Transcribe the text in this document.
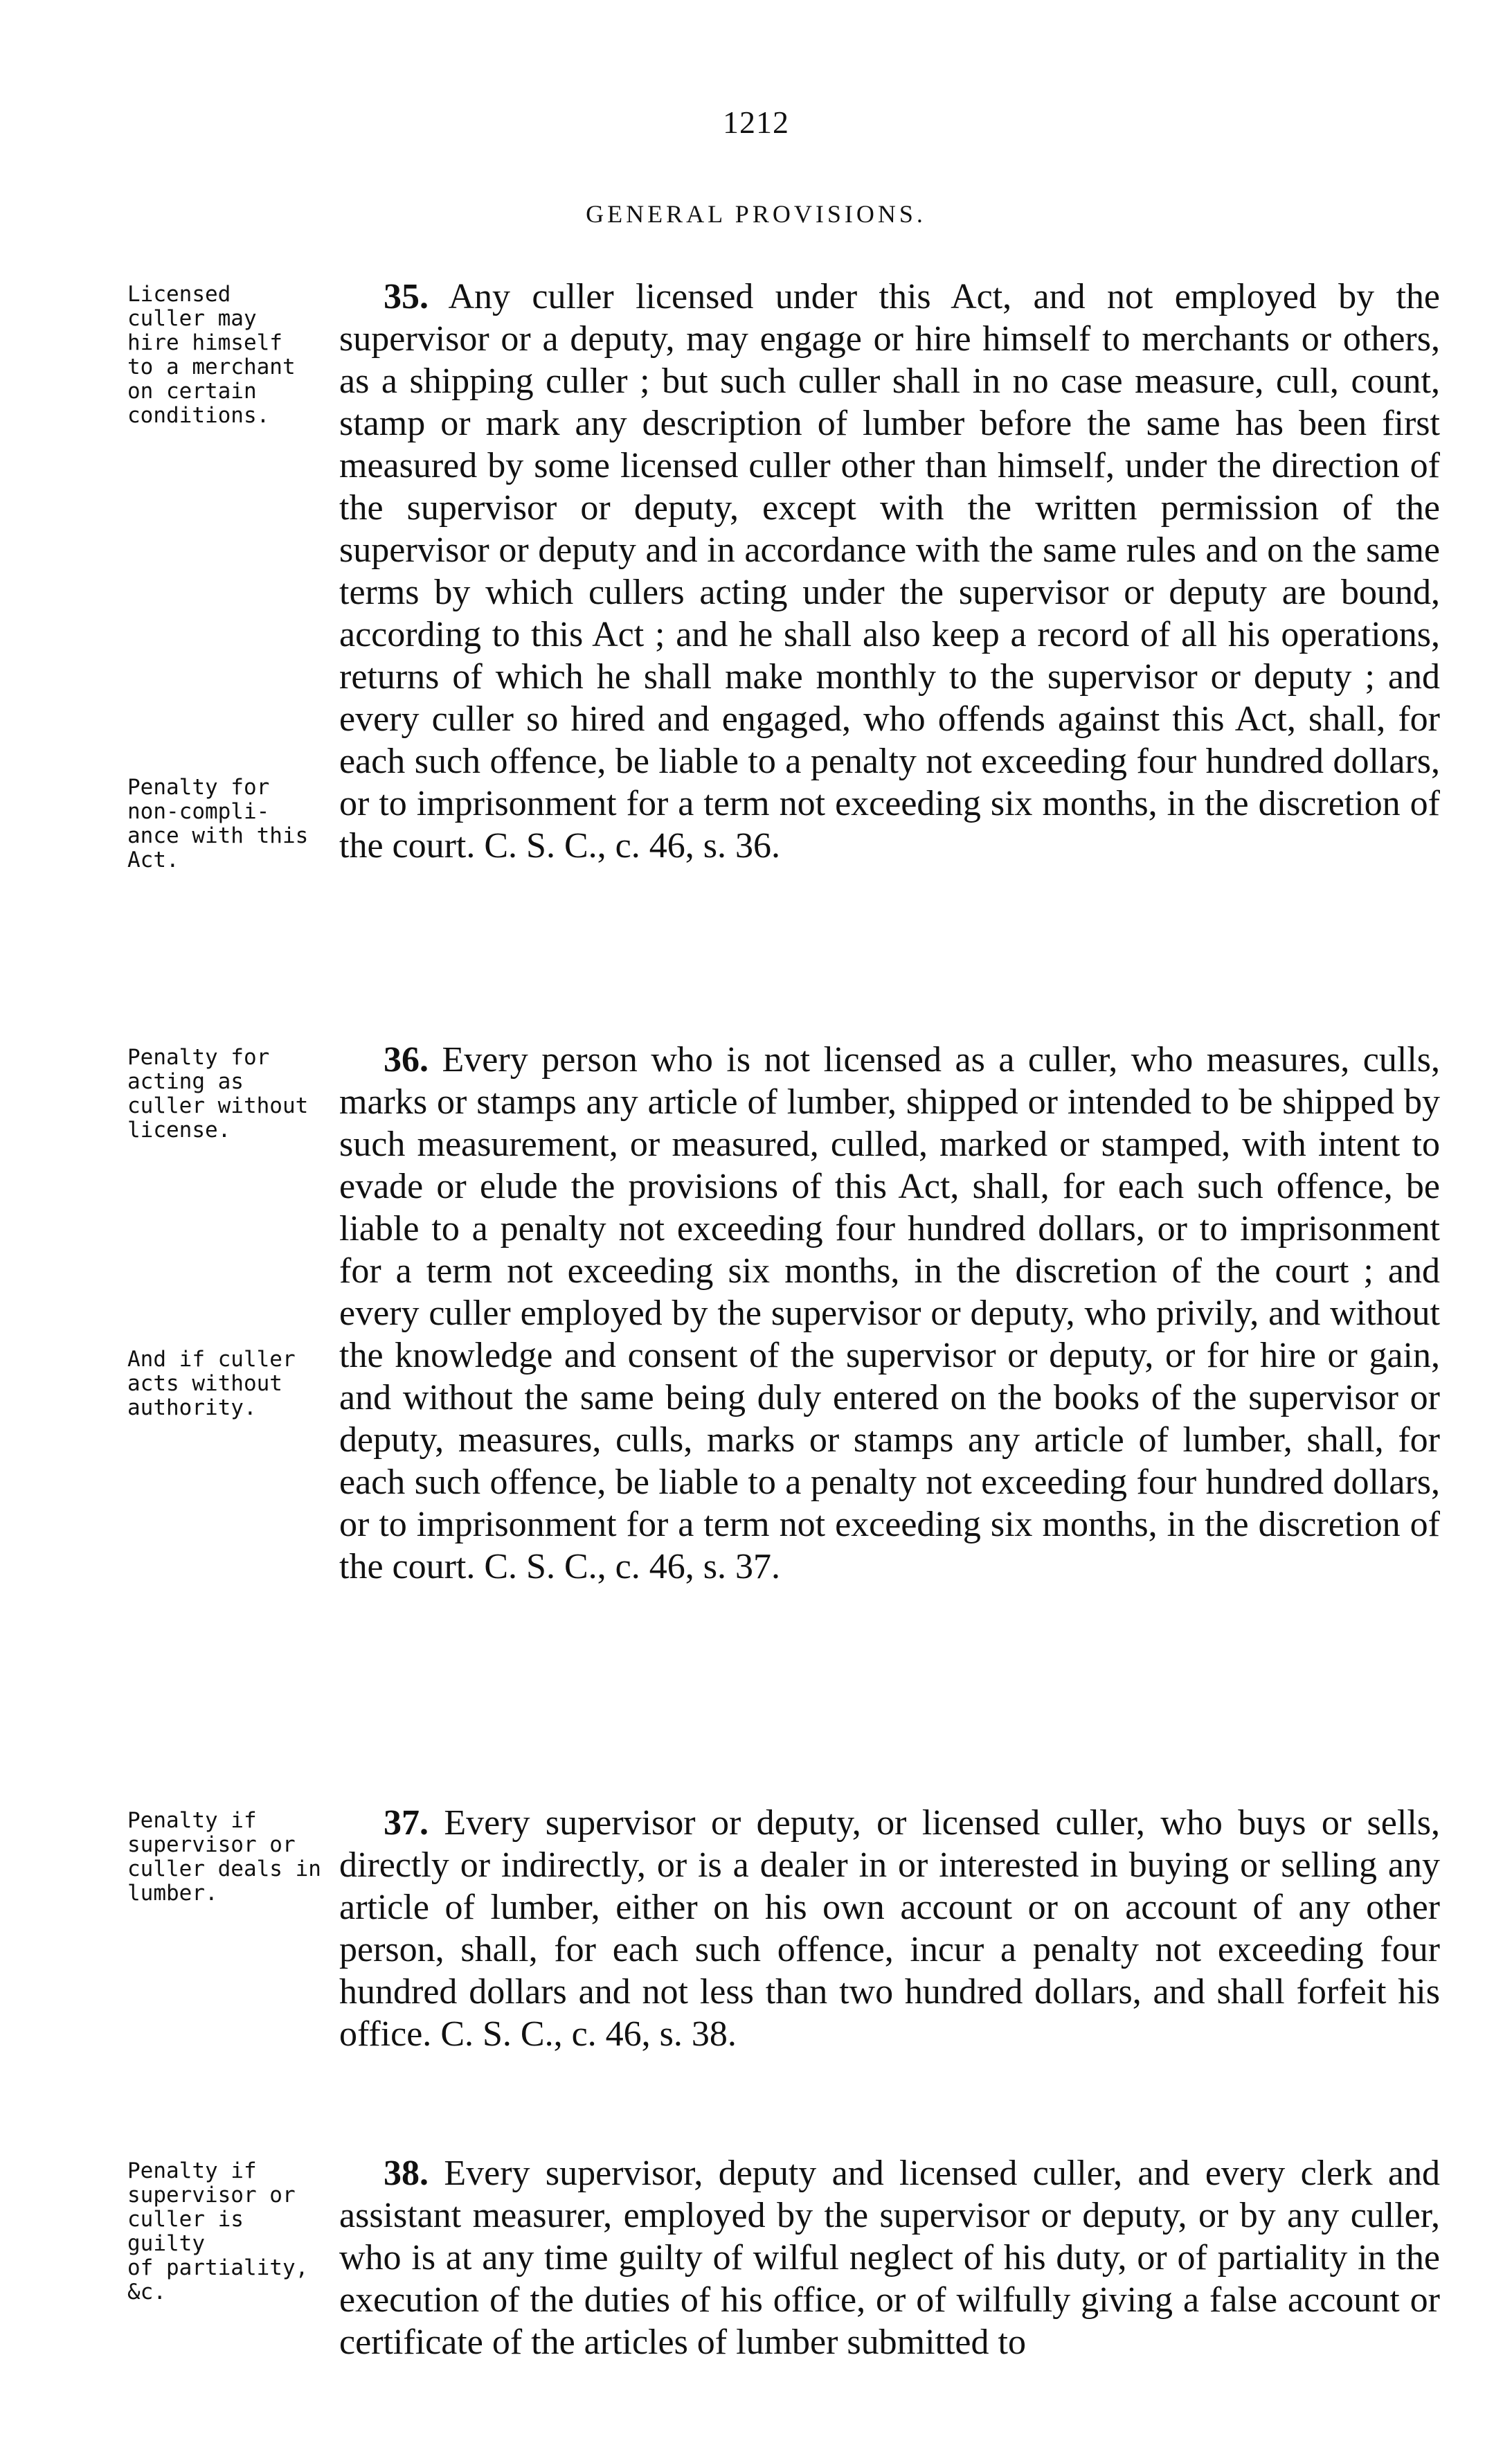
1212
GENERAL PROVISIONS.
Licensed
culler may
hire himself
to a merchant
on certain
conditions.
Penalty for
non-compli-
ance with this
Act.
35. Any culler licensed under this Act, and not employed by the supervisor or a deputy, may engage or hire himself to merchants or others, as a shipping culler ; but such culler shall in no case measure, cull, count, stamp or mark any description of lumber before the same has been first measured by some licensed culler other than himself, under the direction of the supervisor or deputy, except with the written permission of the supervisor or deputy and in accordance with the same rules and on the same terms by which cullers acting under the supervisor or deputy are bound, according to this Act ; and he shall also keep a record of all his operations, returns of which he shall make monthly to the supervisor or deputy ; and every culler so hired and engaged, who offends against this Act, shall, for each such offence, be liable to a penalty not exceeding four hundred dollars, or to imprisonment for a term not exceeding six months, in the discretion of the court. C. S. C., c. 46, s. 36.
Penalty for
acting as
culler without
license.
And if culler
acts without
authority.
36. Every person who is not licensed as a culler, who measures, culls, marks or stamps any article of lumber, shipped or intended to be shipped by such measurement, or measured, culled, marked or stamped, with intent to evade or elude the provisions of this Act, shall, for each such offence, be liable to a penalty not exceeding four hundred dollars, or to imprisonment for a term not exceeding six months, in the discretion of the court ; and every culler employed by the supervisor or deputy, who privily, and without the knowledge and consent of the supervisor or deputy, or for hire or gain, and without the same being duly entered on the books of the supervisor or deputy, measures, culls, marks or stamps any article of lumber, shall, for each such offence, be liable to a penalty not exceeding four hundred dollars, or to imprisonment for a term not exceeding six months, in the discretion of the court. C. S. C., c. 46, s. 37.
Penalty if
supervisor or
culler deals in
lumber.
37. Every supervisor or deputy, or licensed culler, who buys or sells, directly or indirectly, or is a dealer in or interested in buying or selling any article of lumber, either on his own account or on account of any other person, shall, for each such offence, incur a penalty not exceeding four hundred dollars and not less than two hundred dollars, and shall forfeit his office. C. S. C., c. 46, s. 38.
Penalty if
supervisor or
culler is guilty
of partiality,
&c.
38. Every supervisor, deputy and licensed culler, and every clerk and assistant measurer, employed by the supervisor or deputy, or by any culler, who is at any time guilty of wilful neglect of his duty, or of partiality in the execution of the duties of his office, or of wilfully giving a false account or certificate of the articles of lumber submitted to
